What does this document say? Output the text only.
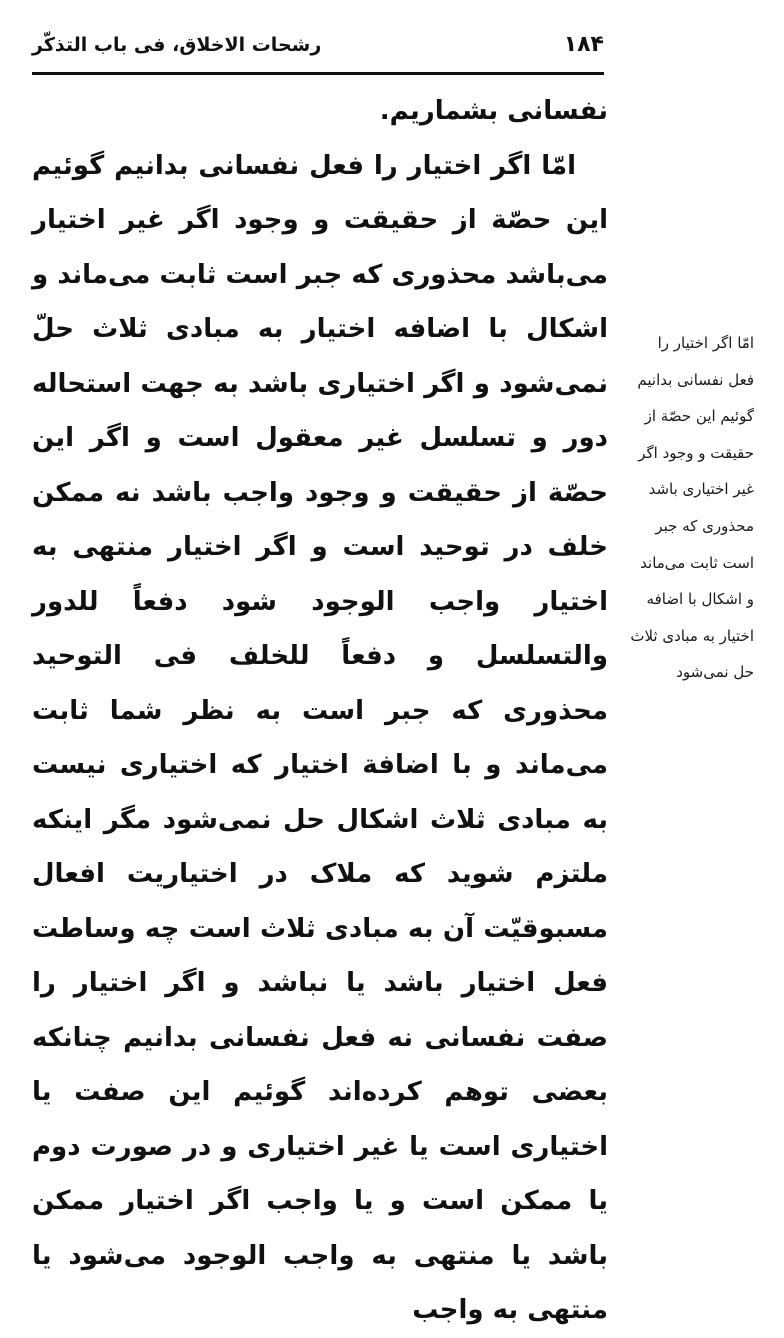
۱۸۴
رشحات الاخلاق، فی باب التذکّر
نفسانی بشماریم.
امّا اگر اختیار را فعل نفسانی بدانیم گوئیم این حصّة از حقیقت و وجود اگر غیر اختیار می‌باشد محذوری که جبر است ثابت می‌ماند و اشکال با اضافه اختیار به مبادی ثلاث حلّ نمی‌شود و اگر اختیاری باشد به جهت استحاله دور و تسلسل غیر معقول است و اگر این حصّة از حقیقت و وجود واجب باشد نه ممکن خلف در توحید است و اگر اختیار منتهی به اختیار واجب الوجود شود دفعاً للدور والتسلسل و دفعاً للخلف فی التوحید محذوری که جبر است به نظر شما ثابت می‌ماند و با اضافة اختیار که اختیاری نیست به مبادی ثلاث اشکال حل نمی‌شود مگر اینکه ملتزم شوید که ملاک در اختیاریت افعال مسبوقیّت آن به مبادی ثلاث است چه وساطت فعل اختیار باشد یا نباشد و اگر اختیار را صفت نفسانی نه فعل نفسانی بدانیم چنانکه بعضی توهم کرده‌اند گوئیم این صفت یا اختیاری است یا غیر اختیاری و در صورت دوم یا ممکن است و یا واجب اگر اختیار ممکن باشد یا منتهی به واجب الوجود می‌شود یا منتهی به واجب
امّا اگر اختیار را فعل نفسانی بدانیم گوئیم این حصّة از حقیقت و وجود اگر غیر اختیاری باشد محذوری که جبر است ثابت می‌ماند و اشکال با اضافه اختیار به مبادی ثلاث حل نمی‌شود
